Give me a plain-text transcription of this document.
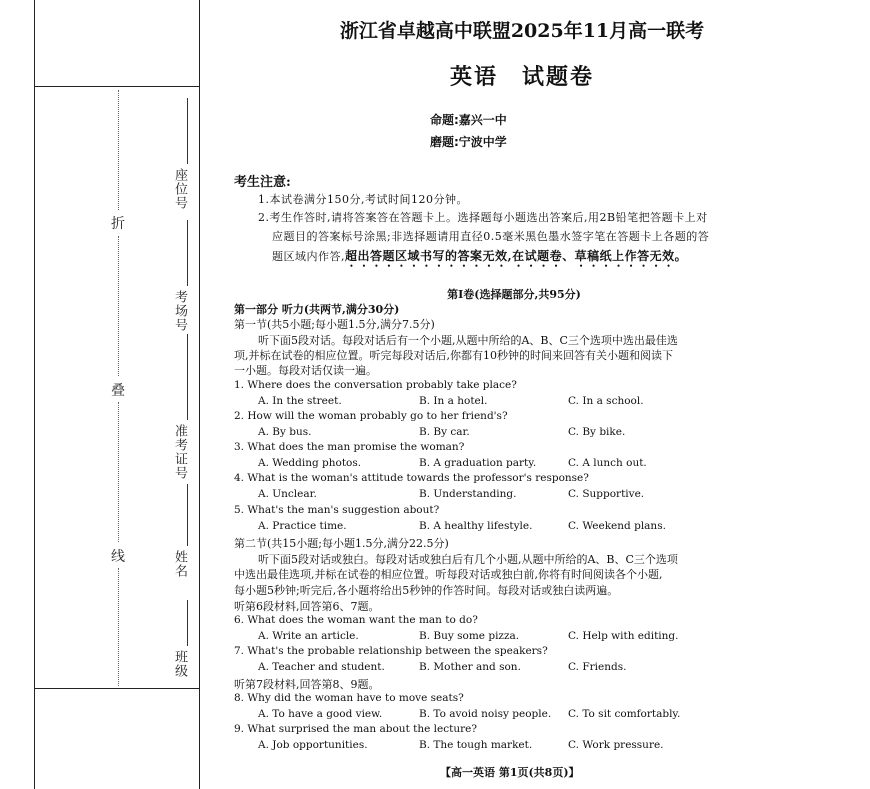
折
叠
线
座位号
考场号
准考证号
姓名
班级
浙江省卓越高中联盟2025年11月高一联考
英语 试题卷
命题:嘉兴一中
磨题:宁波中学
考生注意:
1.本试卷满分150分,考试时间120分钟。
2.考生作答时,请将答案答在答题卡上。选择题每小题选出答案后,用2B铅笔把答题卡上对
应题目的答案标号涂黑;非选择题请用直径0.5毫米黑色墨水签字笔在答题卡上各题的答
题区域内作答,超出答题区域书写的答案无效,在试题卷、草稿纸上作答无效。
第Ⅰ卷(选择题部分,共95分)
第一部分 听力(共两节,满分30分)
第一节(共5小题;每小题1.5分,满分7.5分)
听下面5段对话。每段对话后有一个小题,从题中所给的A、B、C三个选项中选出最佳选
项,并标在试卷的相应位置。听完每段对话后,你都有10秒钟的时间来回答有关小题和阅读下
一小题。每段对话仅读一遍。
1. Where does the conversation probably take place?
A. In the street.	B. In a hotel.	C. In a school.
2. How will the woman probably go to her friend's?
A. By bus.	B. By car.	C. By bike.
3. What does the man promise the woman?
A. Wedding photos.	B. A graduation party.	C. A lunch out.
4. What is the woman's attitude towards the professor's response?
A. Unclear.	B. Understanding.	C. Supportive.
5. What's the man's suggestion about?
A. Practice time.	B. A healthy lifestyle.	C. Weekend plans.
第二节(共15小题;每小题1.5分,满分22.5分)
听下面5段对话或独白。每段对话或独白后有几个小题,从题中所给的A、B、C三个选项
中选出最佳选项,并标在试卷的相应位置。听每段对话或独白前,你将有时间阅读各个小题,
每小题5秒钟;听完后,各小题将给出5秒钟的作答时间。每段对话或独白读两遍。
听第6段材料,回答第6、7题。
6. What does the woman want the man to do?
A. Write an article.	B. Buy some pizza.	C. Help with editing.
7. What's the probable relationship between the speakers?
A. Teacher and student.	B. Mother and son.	C. Friends.
听第7段材料,回答第8、9题。
8. Why did the woman have to move seats?
A. To have a good view.	B. To avoid noisy people. C. To sit comfortably.
9. What surprised the man about the lecture?
A. Job opportunities.	B. The tough market.	C. Work pressure.
【高一英语 第1页(共8页)】
